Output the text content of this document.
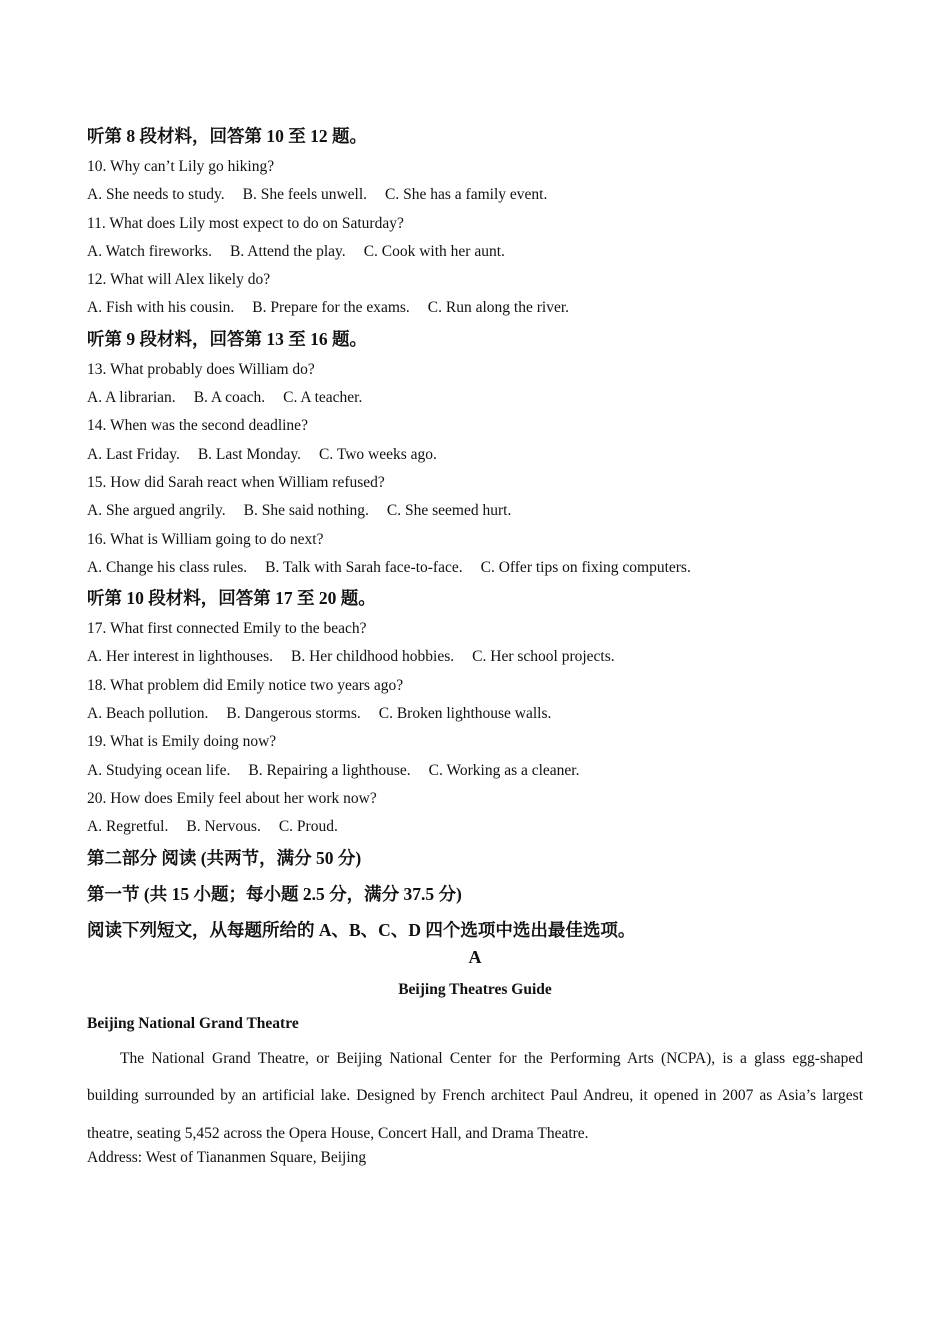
听第 8 段材料，回答第 10 至 12 题。

10. Why can’t Lily go hiking?

A. She needs to study. B. She feels unwell. C. She has a family event.

11. What does Lily most expect to do on Saturday?

A. Watch fireworks. B. Attend the play. C. Cook with her aunt.

12. What will Alex likely do?

A. Fish with his cousin. B. Prepare for the exams. C. Run along the river.

听第 9 段材料，回答第 13 至 16 题。

13. What probably does William do?

A. A librarian. B. A coach. C. A teacher.

14. When was the second deadline?

A. Last Friday. B. Last Monday. C. Two weeks ago.

15. How did Sarah react when William refused?

A. She argued angrily. B. She said nothing. C. She seemed hurt.

16. What is William going to do next?

A. Change his class rules. B. Talk with Sarah face-to-face. C. Offer tips on fixing computers.

听第 10 段材料，回答第 17 至 20 题。

17. What first connected Emily to the beach?

A. Her interest in lighthouses. B. Her childhood hobbies. C. Her school projects.

18. What problem did Emily notice two years ago?

A. Beach pollution. B. Dangerous storms. C. Broken lighthouse walls.

19. What is Emily doing now?

A. Studying ocean life. B. Repairing a lighthouse. C. Working as a cleaner.

20. How does Emily feel about her work now?

A. Regretful. B. Nervous. C. Proud.

第二部分 阅读 (共两节，满分 50 分)

第一节 (共 15 小题；每小题 2.5 分，满分 37.5 分)

阅读下列短文，从每题所给的 A、B、C、D 四个选项中选出最佳选项。

A

Beijing Theatres Guide

Beijing National Grand Theatre

The National Grand Theatre, or Beijing National Center for the Performing Arts (NCPA), is a glass egg-shaped building surrounded by an artificial lake. Designed by French architect Paul Andreu, it opened in 2007 as Asia’s largest theatre, seating 5,452 across the Opera House, Concert Hall, and Drama Theatre.

Address: West of Tiananmen Square, Beijing
